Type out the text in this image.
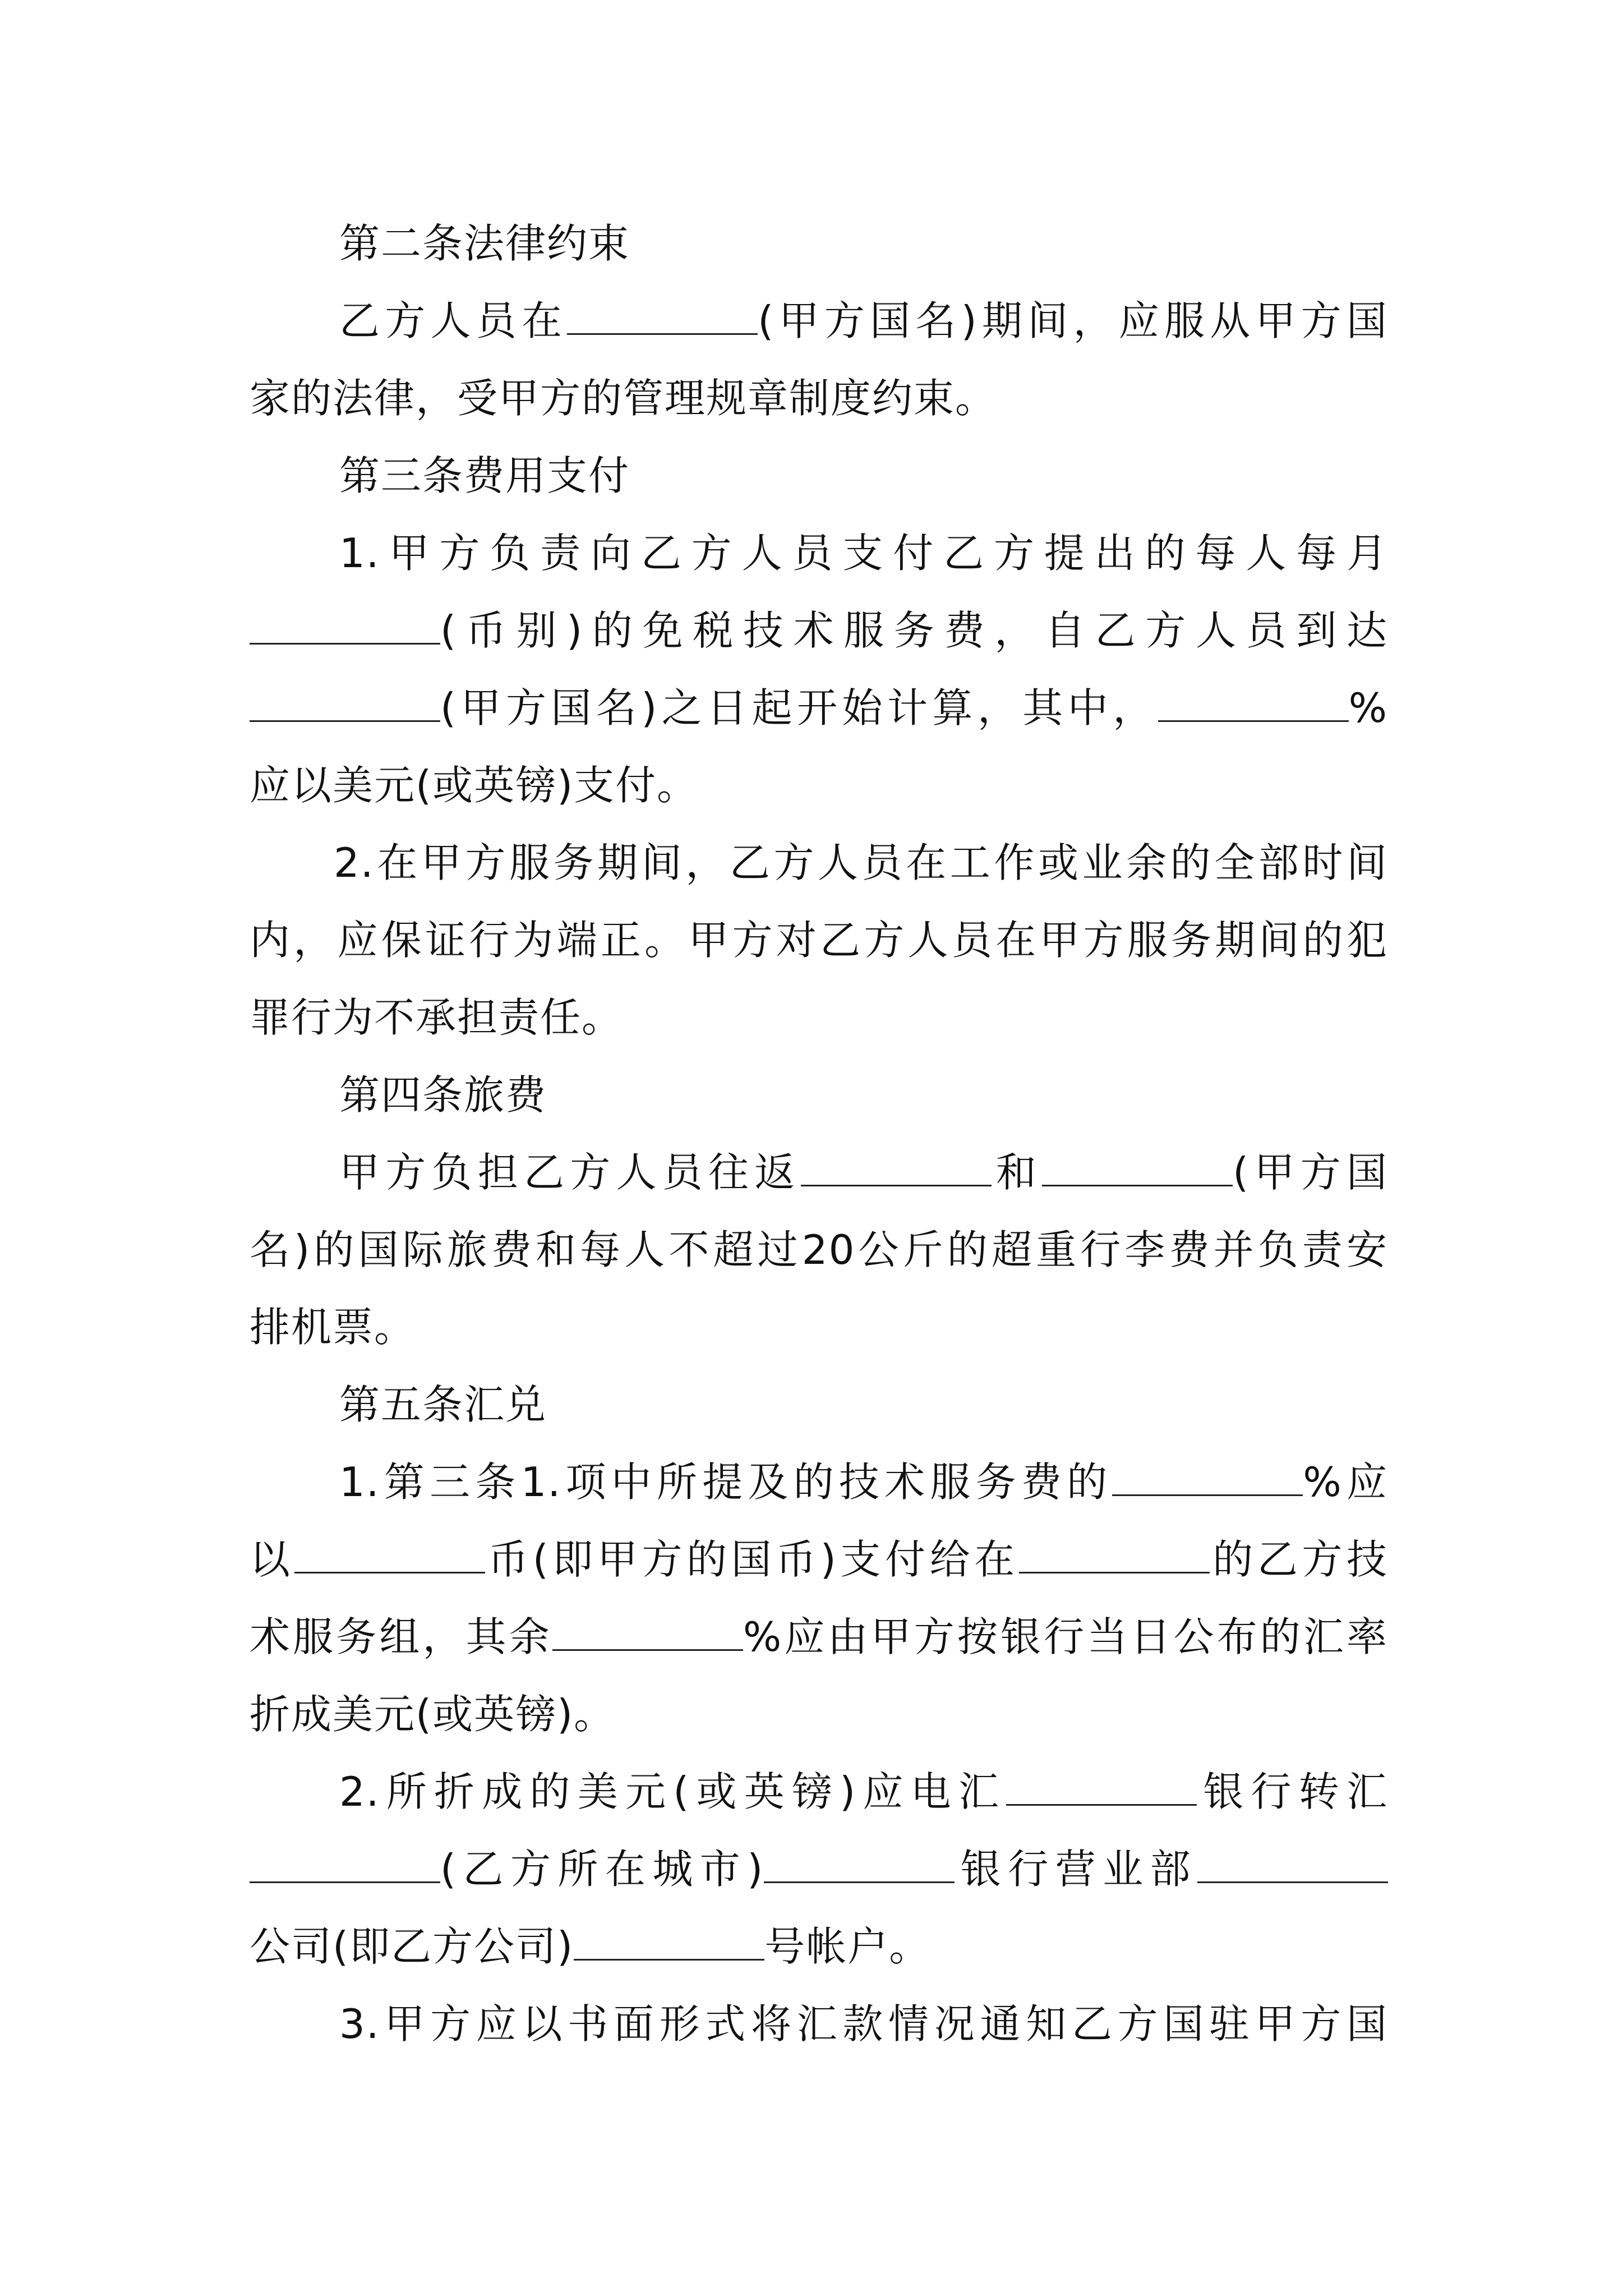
第二条法律约束
乙方人员在	(甲方国名)期间，应服从甲方国
家的法律，受甲方的管理规章制度约束。
第三条费用支付
1.甲方负责向乙方人员支付乙方提出的每人每月
(币别)的免税技术服务费，自乙方人员到达
(甲方国名)之日起开始计算，其中，	%
应以美元(或英镑)支付。
2.在甲方服务期间，乙方人员在工作或业余的全部时间
内，应保证行为端正。甲方对乙方人员在甲方服务期间的犯
罪行为不承担责任。
第四条旅费
甲方负担乙方人员往返	和	(甲方国
名)的国际旅费和每人不超过20公斤的超重行李费并负责安
排机票。
第五条汇兑
1.第三条1.项中所提及的技术服务费的	%应
以	币(即甲方的国币)支付给在	的乙方技
术服务组，其余	%应由甲方按银行当日公布的汇率
折成美元(或英镑)。
2.所折成的美元(或英镑)应电汇	银行转汇
(乙方所在城市)	银行营业部
公司(即乙方公司)	号帐户。
3.甲方应以书面形式将汇款情况通知乙方国驻甲方国
